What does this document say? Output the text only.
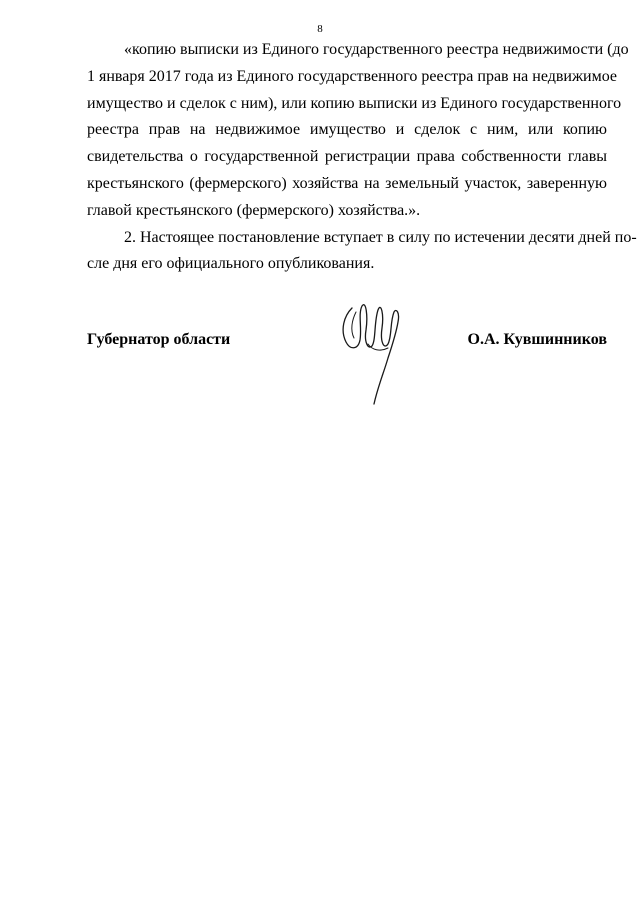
8

«копию выписки из Единого государственного реестра недвижимости (до
1 января 2017 года из Единого государственного реестра прав на недвижимое
имущество и сделок с ним), или копию выписки из Единого государственного
реестра прав на недвижимое имущество и сделок с ним, или копию
свидетельства о государственной регистрации права собственности главы
крестьянского (фермерского) хозяйства на земельный участок, заверенную
главой крестьянского (фермерского) хозяйства.».

2. Настоящее постановление вступает в силу по истечении десяти дней по-
сле дня его официального опубликования.

Губернатор области	О.А. Кувшинников
